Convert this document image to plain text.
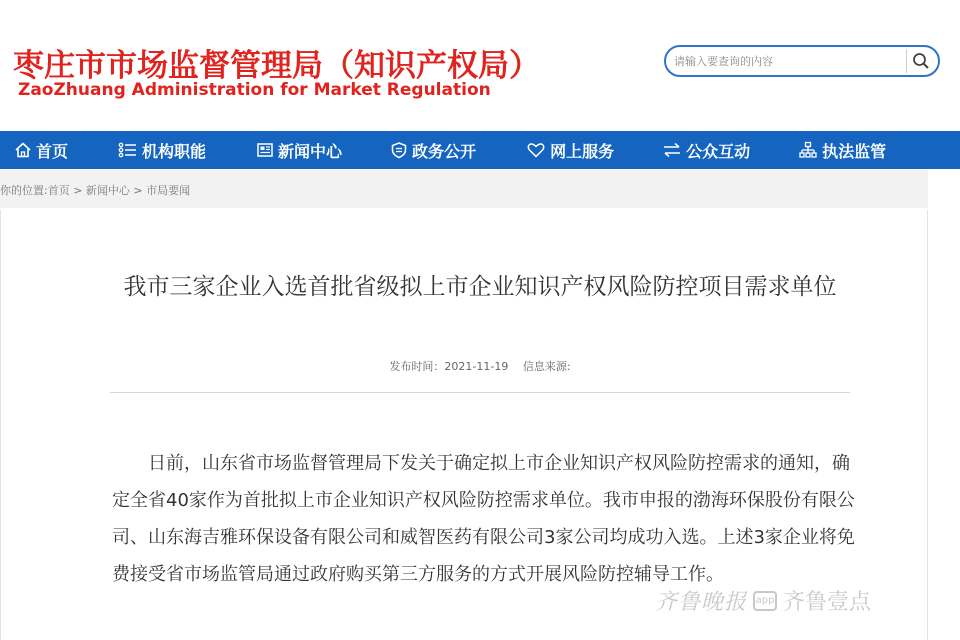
枣庄市市场监督管理局（知识产权局）
ZaoZhuang Administration for Market Regulation
请输入要查询的内容
首页	机构职能	新闻中心	政务公开	网上服务	公众互动	执法监管
你的位置:首页 > 新闻中心 > 市局要闻
我市三家企业入选首批省级拟上市企业知识产权风险防控项目需求单位
发布时间：2021-11-19　 信息来源:
日前，山东省市场监督管理局下发关于确定拟上市企业知识产权风险防控需求的通知，确定全省40家作为首批拟上市企业知识产权风险防控需求单位。我市申报的渤海环保股份有限公司、山东海吉雅环保设备有限公司和威智医药有限公司3家公司均成功入选。上述3家企业将免费接受省市场监管局通过政府购买第三方服务的方式开展风险防控辅导工作。
齐鲁晚报 app 齐鲁壹点
